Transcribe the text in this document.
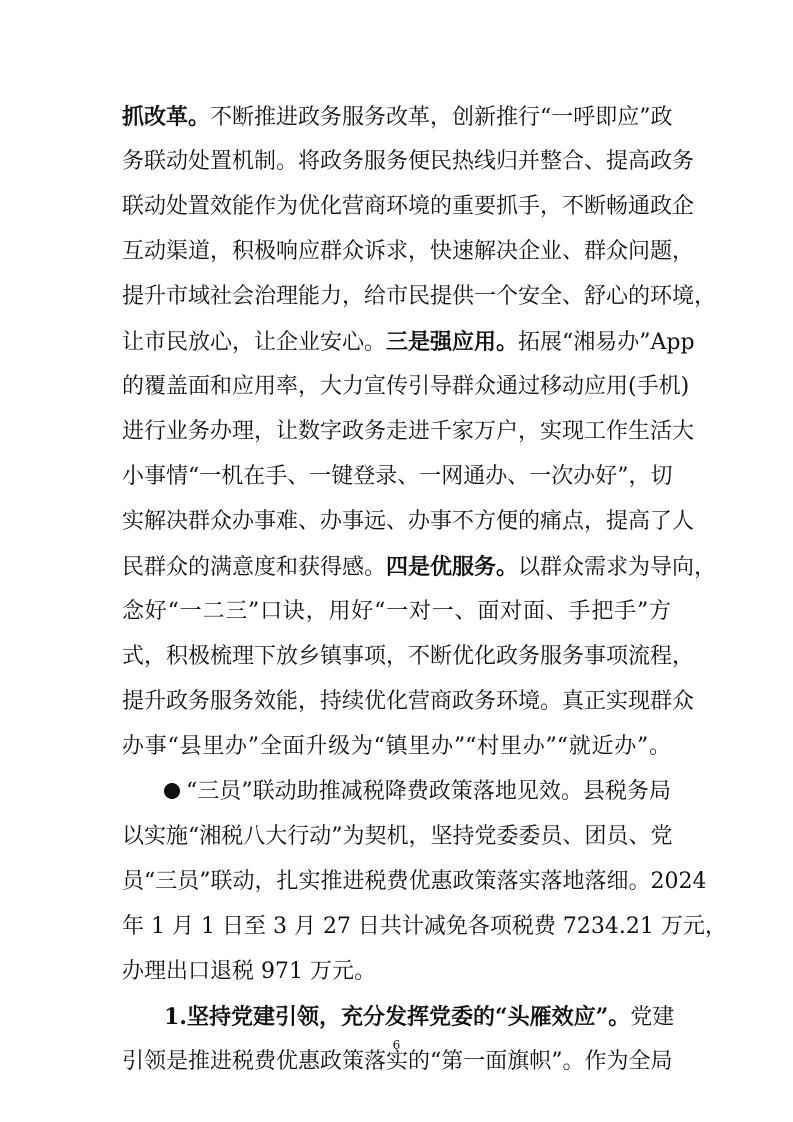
抓改革。不断推进政务服务改革，创新推行“一呼即应”政
务联动处置机制。将政务服务便民热线归并整合、提高政务
联动处置效能作为优化营商环境的重要抓手，不断畅通政企
互动渠道，积极响应群众诉求，快速解决企业、群众问题，
提升市域社会治理能力，给市民提供一个安全、舒心的环境，
让市民放心，让企业安心。三是强应用。拓展“湘易办”App
的覆盖面和应用率，大力宣传引导群众通过移动应用(手机)
进行业务办理，让数字政务走进千家万户，实现工作生活大
小事情“一机在手、一键登录、一网通办、一次办好”，切
实解决群众办事难、办事远、办事不方便的痛点，提高了人
民群众的满意度和获得感。四是优服务。以群众需求为导向，
念好“一二三”口诀，用好“一对一、面对面、手把手”方
式，积极梳理下放乡镇事项，不断优化政务服务事项流程，
提升政务服务效能，持续优化营商政务环境。真正实现群众
办事“县里办”全面升级为“镇里办”“村里办”“就近办”。
“三员”联动助推减税降费政策落地见效。县税务局
以实施“湘税八大行动”为契机，坚持党委委员、团员、党
员“三员”联动，扎实推进税费优惠政策落实落地落细。2024
年 1 月 1 日至 3 月 27 日共计减免各项税费 7234.21 万元，
办理出口退税 971 万元。
1.坚持党建引领，充分发挥党委的“头雁效应”。党建
引领是推进税费优惠政策落实的“第一面旗帜”。作为全局
6
